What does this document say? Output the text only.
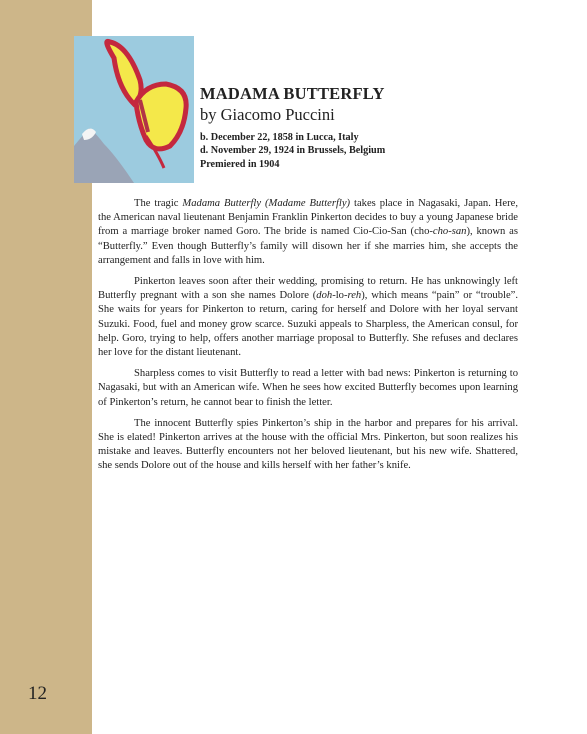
MADAMA BUTTERFLY
by Giacomo Puccini
b. December 22, 1858 in Lucca, Italy
d. November 29, 1924 in Brussels, Belgium
Premiered in 1904

The tragic Madama Butterfly (Madame Butterfly) takes place in Nagasaki, Japan. Here, the American naval lieutenant Benjamin Franklin Pinkerton decides to buy a young Japanese bride from a marriage broker named Goro. The bride is named Cio-Cio-San (cho-cho-san), known as “Butterfly.” Even though Butterfly’s family will disown her if she marries him, she accepts the arrangement and falls in love with him.

Pinkerton leaves soon after their wedding, promising to return. He has unknowingly left Butterfly pregnant with a son she names Dolore (doh-lo-reh), which means “pain” or “trouble”. She waits for years for Pinkerton to return, caring for herself and Dolore with her loyal servant Suzuki. Food, fuel and money grow scarce. Suzuki appeals to Sharpless, the American consul, for help. Goro, trying to help, offers another marriage proposal to Butterfly. She refuses and declares her love for the distant lieutenant.

Sharpless comes to visit Butterfly to read a letter with bad news: Pinkerton is returning to Nagasaki, but with an American wife. When he sees how excited Butterfly becomes upon learning of Pinkerton’s return, he cannot bear to finish the letter.

The innocent Butterfly spies Pinkerton’s ship in the harbor and prepares for his arrival. She is elated! Pinkerton arrives at the house with the official Mrs. Pinkerton, but soon realizes his mistake and leaves. Butterfly encounters not her beloved lieutenant, but his new wife. Shattered, she sends Dolore out of the house and kills herself with her father’s knife.

12
